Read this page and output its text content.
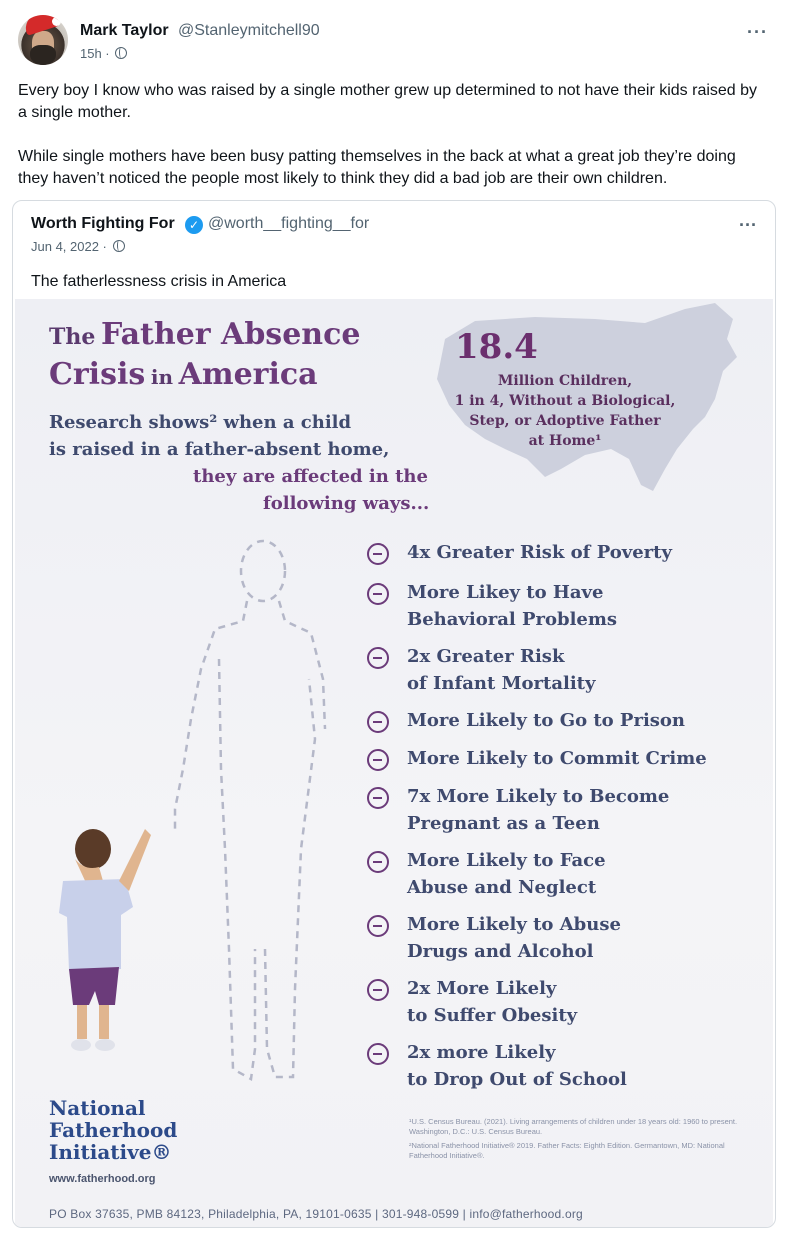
Mark Taylor @Stanleymitchell90
15h ·
···

Every boy I know who was raised by a single mother grew up determined to not have their kids raised by a single mother.

While single mothers have been busy patting themselves in the back at what a great job they’re doing they haven’t noticed the people most likely to think they did a bad job are their own children.

Worth Fighting For	✓ @worth__fighting__for
Jun 4, 2022 ·
···
The fatherlessness crisis in America
18.4
Million Children,
1 in 4, Without a Biological,
Step, or Adoptive Father
at Home¹
The Father Absence
Crisis in America
Research shows² when a child
is raised in a father-absent home,
they are affected in the
following ways...
4x Greater Risk of Poverty
More Likey to Have
Behavioral Problems
2x Greater Risk
of Infant Mortality
More Likely to Go to Prison
More Likely to Commit Crime
7x More Likely to Become
Pregnant as a Teen
More Likely to Face
Abuse and Neglect
More Likely to Abuse
Drugs and Alcohol
2x More Likely
to Suffer Obesity
2x more Likely
to Drop Out of School
National
Fatherhood
Initiative®
www.fatherhood.org

¹U.S. Census Bureau. (2021). Living arrangements of children under 18 years old: 1960 to present. Washington, D.C.: U.S. Census Bureau.

²National Fatherhood Initiative® 2019. Father Facts: Eighth Edition. Germantown, MD: National Fatherhood Initiative®.

PO Box 37635, PMB 84123, Philadelphia, PA, 19101-0635 | 301-948-0599 | info@fatherhood.org
